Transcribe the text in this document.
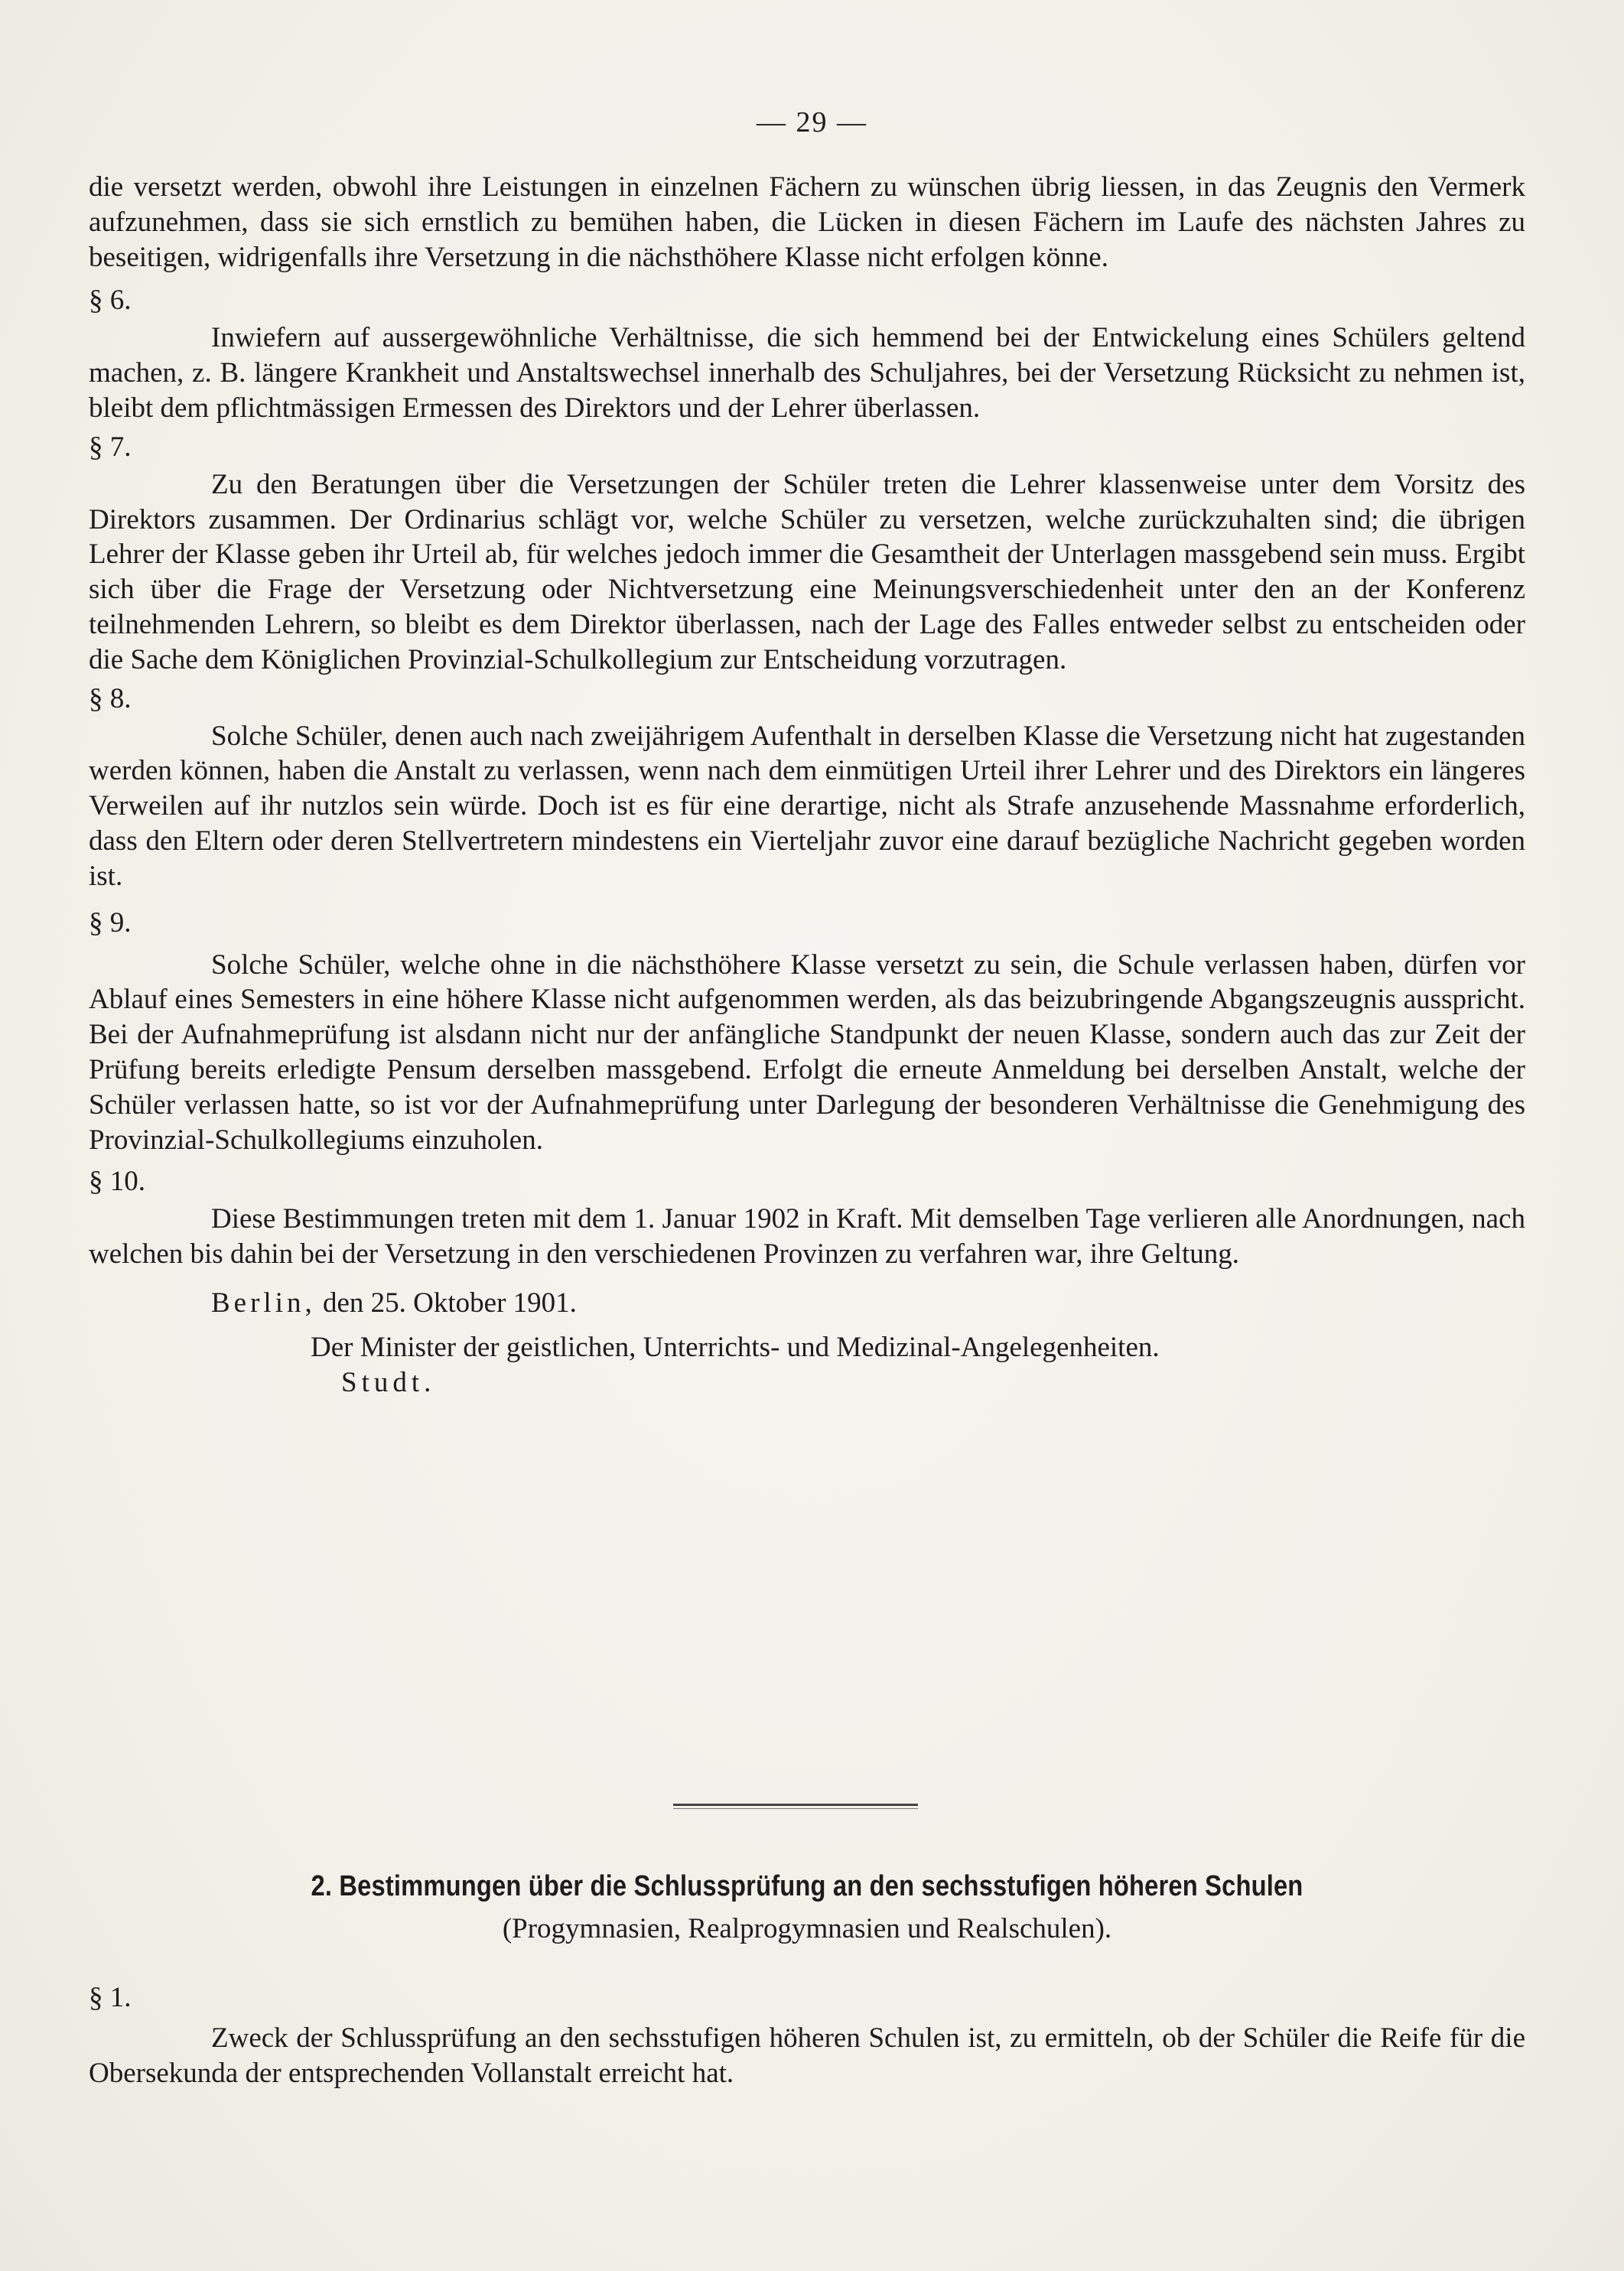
— 29 —

die versetzt werden, obwohl ihre Leistungen in einzelnen Fächern zu wünschen übrig liessen, in das Zeugnis den Vermerk aufzunehmen, dass sie sich ernstlich zu bemühen haben, die Lücken in diesen Fächern im Laufe des nächsten Jahres zu beseitigen, widrigenfalls ihre Versetzung in die nächsthöhere Klasse nicht erfolgen könne.

§ 6.

Inwiefern auf aussergewöhnliche Verhältnisse, die sich hemmend bei der Entwickelung eines Schülers geltend machen, z. B. längere Krankheit und Anstaltswechsel innerhalb des Schuljahres, bei der Versetzung Rücksicht zu nehmen ist, bleibt dem pflichtmässigen Ermessen des Direktors und der Lehrer überlassen.

§ 7.

Zu den Beratungen über die Versetzungen der Schüler treten die Lehrer klassenweise unter dem Vorsitz des Direktors zusammen. Der Ordinarius schlägt vor, welche Schüler zu versetzen, welche zurückzuhalten sind; die übrigen Lehrer der Klasse geben ihr Urteil ab, für welches jedoch immer die Gesamtheit der Unterlagen massgebend sein muss. Ergibt sich über die Frage der Versetzung oder Nichtversetzung eine Meinungsverschiedenheit unter den an der Konferenz teilnehmenden Lehrern, so bleibt es dem Direktor überlassen, nach der Lage des Falles entweder selbst zu entscheiden oder die Sache dem Königlichen Provinzial-Schulkollegium zur Entscheidung vorzutragen.

§ 8.

Solche Schüler, denen auch nach zweijährigem Aufenthalt in derselben Klasse die Versetzung nicht hat zugestanden werden können, haben die Anstalt zu verlassen, wenn nach dem einmütigen Urteil ihrer Lehrer und des Direktors ein längeres Verweilen auf ihr nutzlos sein würde. Doch ist es für eine derartige, nicht als Strafe anzusehende Massnahme erforderlich, dass den Eltern oder deren Stellvertretern mindestens ein Vierteljahr zuvor eine darauf bezügliche Nachricht gegeben worden ist.

§ 9.

Solche Schüler, welche ohne in die nächsthöhere Klasse versetzt zu sein, die Schule verlassen haben, dürfen vor Ablauf eines Semesters in eine höhere Klasse nicht aufgenommen werden, als das beizubringende Abgangszeugnis ausspricht. Bei der Aufnahmeprüfung ist alsdann nicht nur der anfängliche Standpunkt der neuen Klasse, sondern auch das zur Zeit der Prüfung bereits erledigte Pensum derselben massgebend. Erfolgt die erneute Anmeldung bei derselben Anstalt, welche der Schüler verlassen hatte, so ist vor der Aufnahmeprüfung unter Darlegung der besonderen Verhältnisse die Genehmigung des Provinzial-Schulkollegiums einzuholen.

§ 10.

Diese Bestimmungen treten mit dem 1. Januar 1902 in Kraft. Mit demselben Tage verlieren alle Anordnungen, nach welchen bis dahin bei der Versetzung in den verschiedenen Provinzen zu verfahren war, ihre Geltung.

Berlin, den 25. Oktober 1901.

Der Minister der geistlichen, Unterrichts- und Medizinal-Angelegenheiten.

Studt.

2. Bestimmungen über die Schlussprüfung an den sechsstufigen höheren Schulen
(Progymnasien, Realprogymnasien und Realschulen).

§ 1.

Zweck der Schlussprüfung an den sechsstufigen höheren Schulen ist, zu ermitteln, ob der Schüler die Reife für die Obersekunda der entsprechenden Vollanstalt erreicht hat.
